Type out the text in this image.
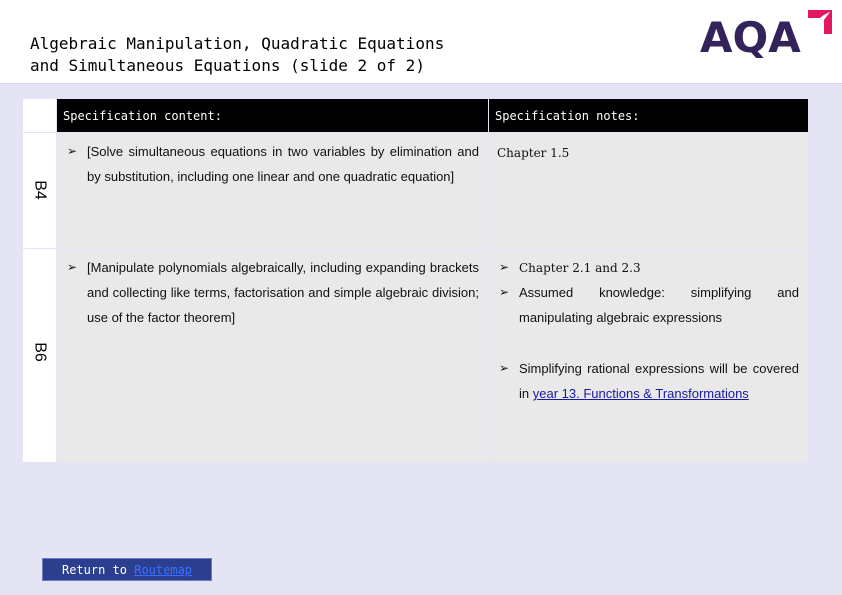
Algebraic Manipulation, Quadratic Equations
and Simultaneous Equations (slide 2 of 2)
AQA
Specification content:	Specification notes:
B4
➢ [Solve simultaneous equations in two variables by elimination and by substitution, including one linear and one quadratic equation]
Chapter 1.5
B6
➢ [Manipulate polynomials algebraically, including expanding brackets and collecting like terms, factorisation and simple algebraic division; use of the factor theorem]
➢ Chapter 2.1 and 2.3
➢ Assumed knowledge: simplifying and manipulating algebraic expressions
➢ Simplifying rational expressions will be covered in year 13. Functions & Transformations
Return to Routemap
